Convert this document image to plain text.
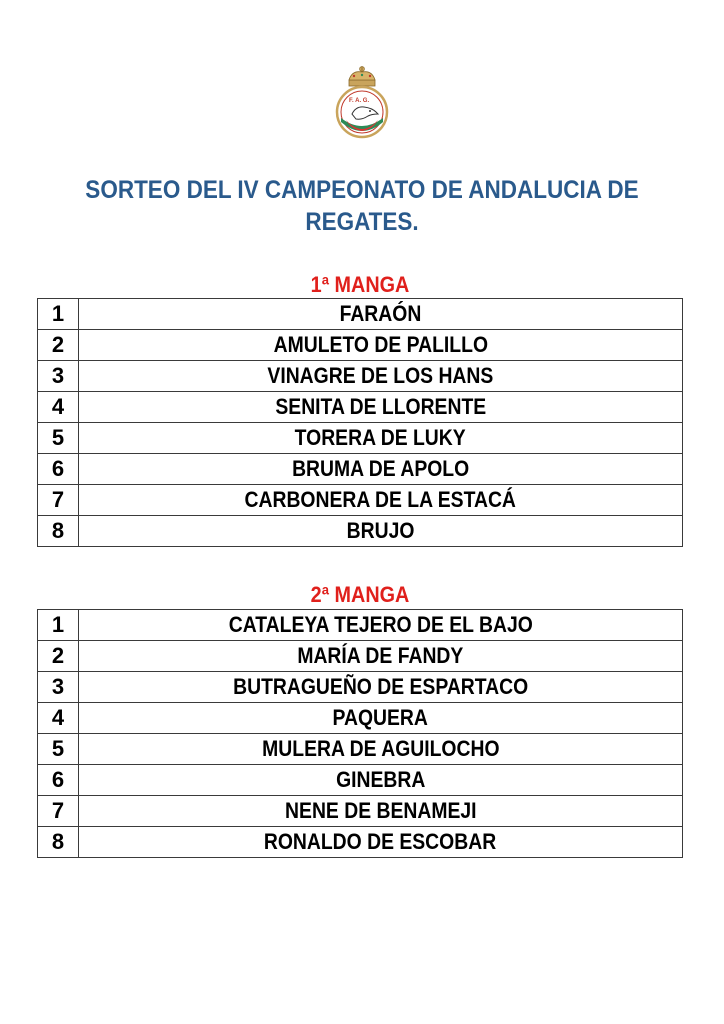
F. A. G.
SORTEO DEL IV CAMPEONATO DE ANDALUCIA DE REGATES.
1ª MANGA
1	FARAÓN
2	AMULETO DE PALILLO
3	VINAGRE DE LOS HANS
4	SENITA DE LLORENTE
5	TORERA DE LUKY
6	BRUMA DE APOLO
7	CARBONERA DE LA ESTACÁ
8	BRUJO
2ª MANGA
1	CATALEYA TEJERO DE EL BAJO
2	MARÍA DE FANDY
3	BUTRAGUEÑO DE ESPARTACO
4	PAQUERA
5	MULERA DE AGUILOCHO
6	GINEBRA
7	NENE DE BENAMEJI
8	RONALDO DE ESCOBAR
